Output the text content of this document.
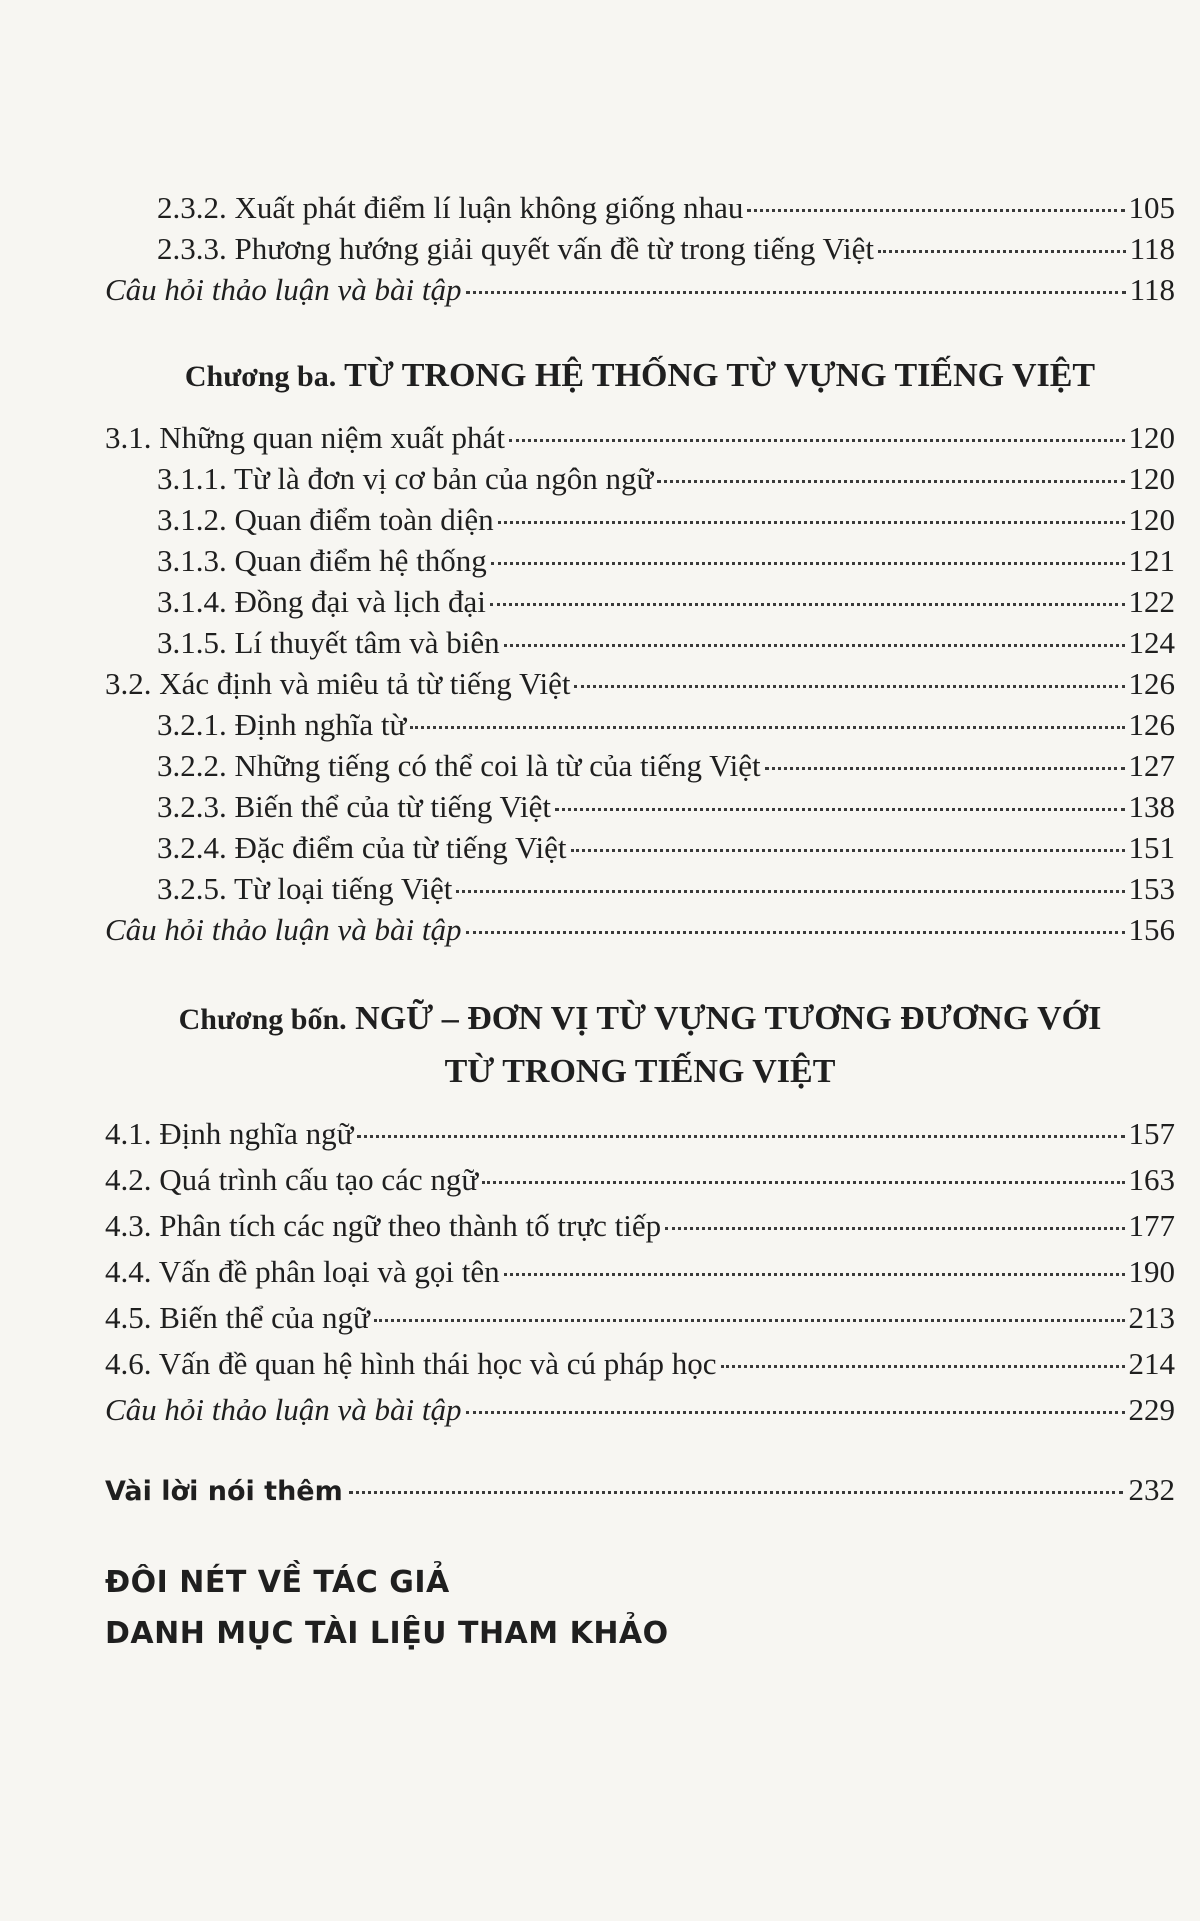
2.3.2. Xuất phát điểm lí luận không giống nhau	105
2.3.3. Phương hướng giải quyết vấn đề từ trong tiếng Việt	118
Câu hỏi thảo luận và bài tập	118
Chương ba. TỪ TRONG HỆ THỐNG TỪ VỰNG TIẾNG VIỆT
3.1. Những quan niệm xuất phát	120
3.1.1. Từ là đơn vị cơ bản của ngôn ngữ	120
3.1.2. Quan điểm toàn diện	120
3.1.3. Quan điểm hệ thống	121
3.1.4. Đồng đại và lịch đại	122
3.1.5. Lí thuyết tâm và biên	124
3.2. Xác định và miêu tả từ tiếng Việt	126
3.2.1. Định nghĩa từ	126
3.2.2. Những tiếng có thể coi là từ của tiếng Việt	127
3.2.3. Biến thể của từ tiếng Việt	138
3.2.4. Đặc điểm của từ tiếng Việt	151
3.2.5. Từ loại tiếng Việt	153
Câu hỏi thảo luận và bài tập	156
Chương bốn. NGỮ – ĐƠN VỊ TỪ VỰNG TƯƠNG ĐƯƠNG VỚI
TỪ TRONG TIẾNG VIỆT
4.1. Định nghĩa ngữ	157
4.2. Quá trình cấu tạo các ngữ	163
4.3. Phân tích các ngữ theo thành tố trực tiếp	177
4.4. Vấn đề phân loại và gọi tên	190
4.5. Biến thể của ngữ	213
4.6. Vấn đề quan hệ hình thái học và cú pháp học	214
Câu hỏi thảo luận và bài tập	229
Vài lời nói thêm	232
ĐÔI NÉT VỀ TÁC GIẢ
DANH MỤC TÀI LIỆU THAM KHẢO
